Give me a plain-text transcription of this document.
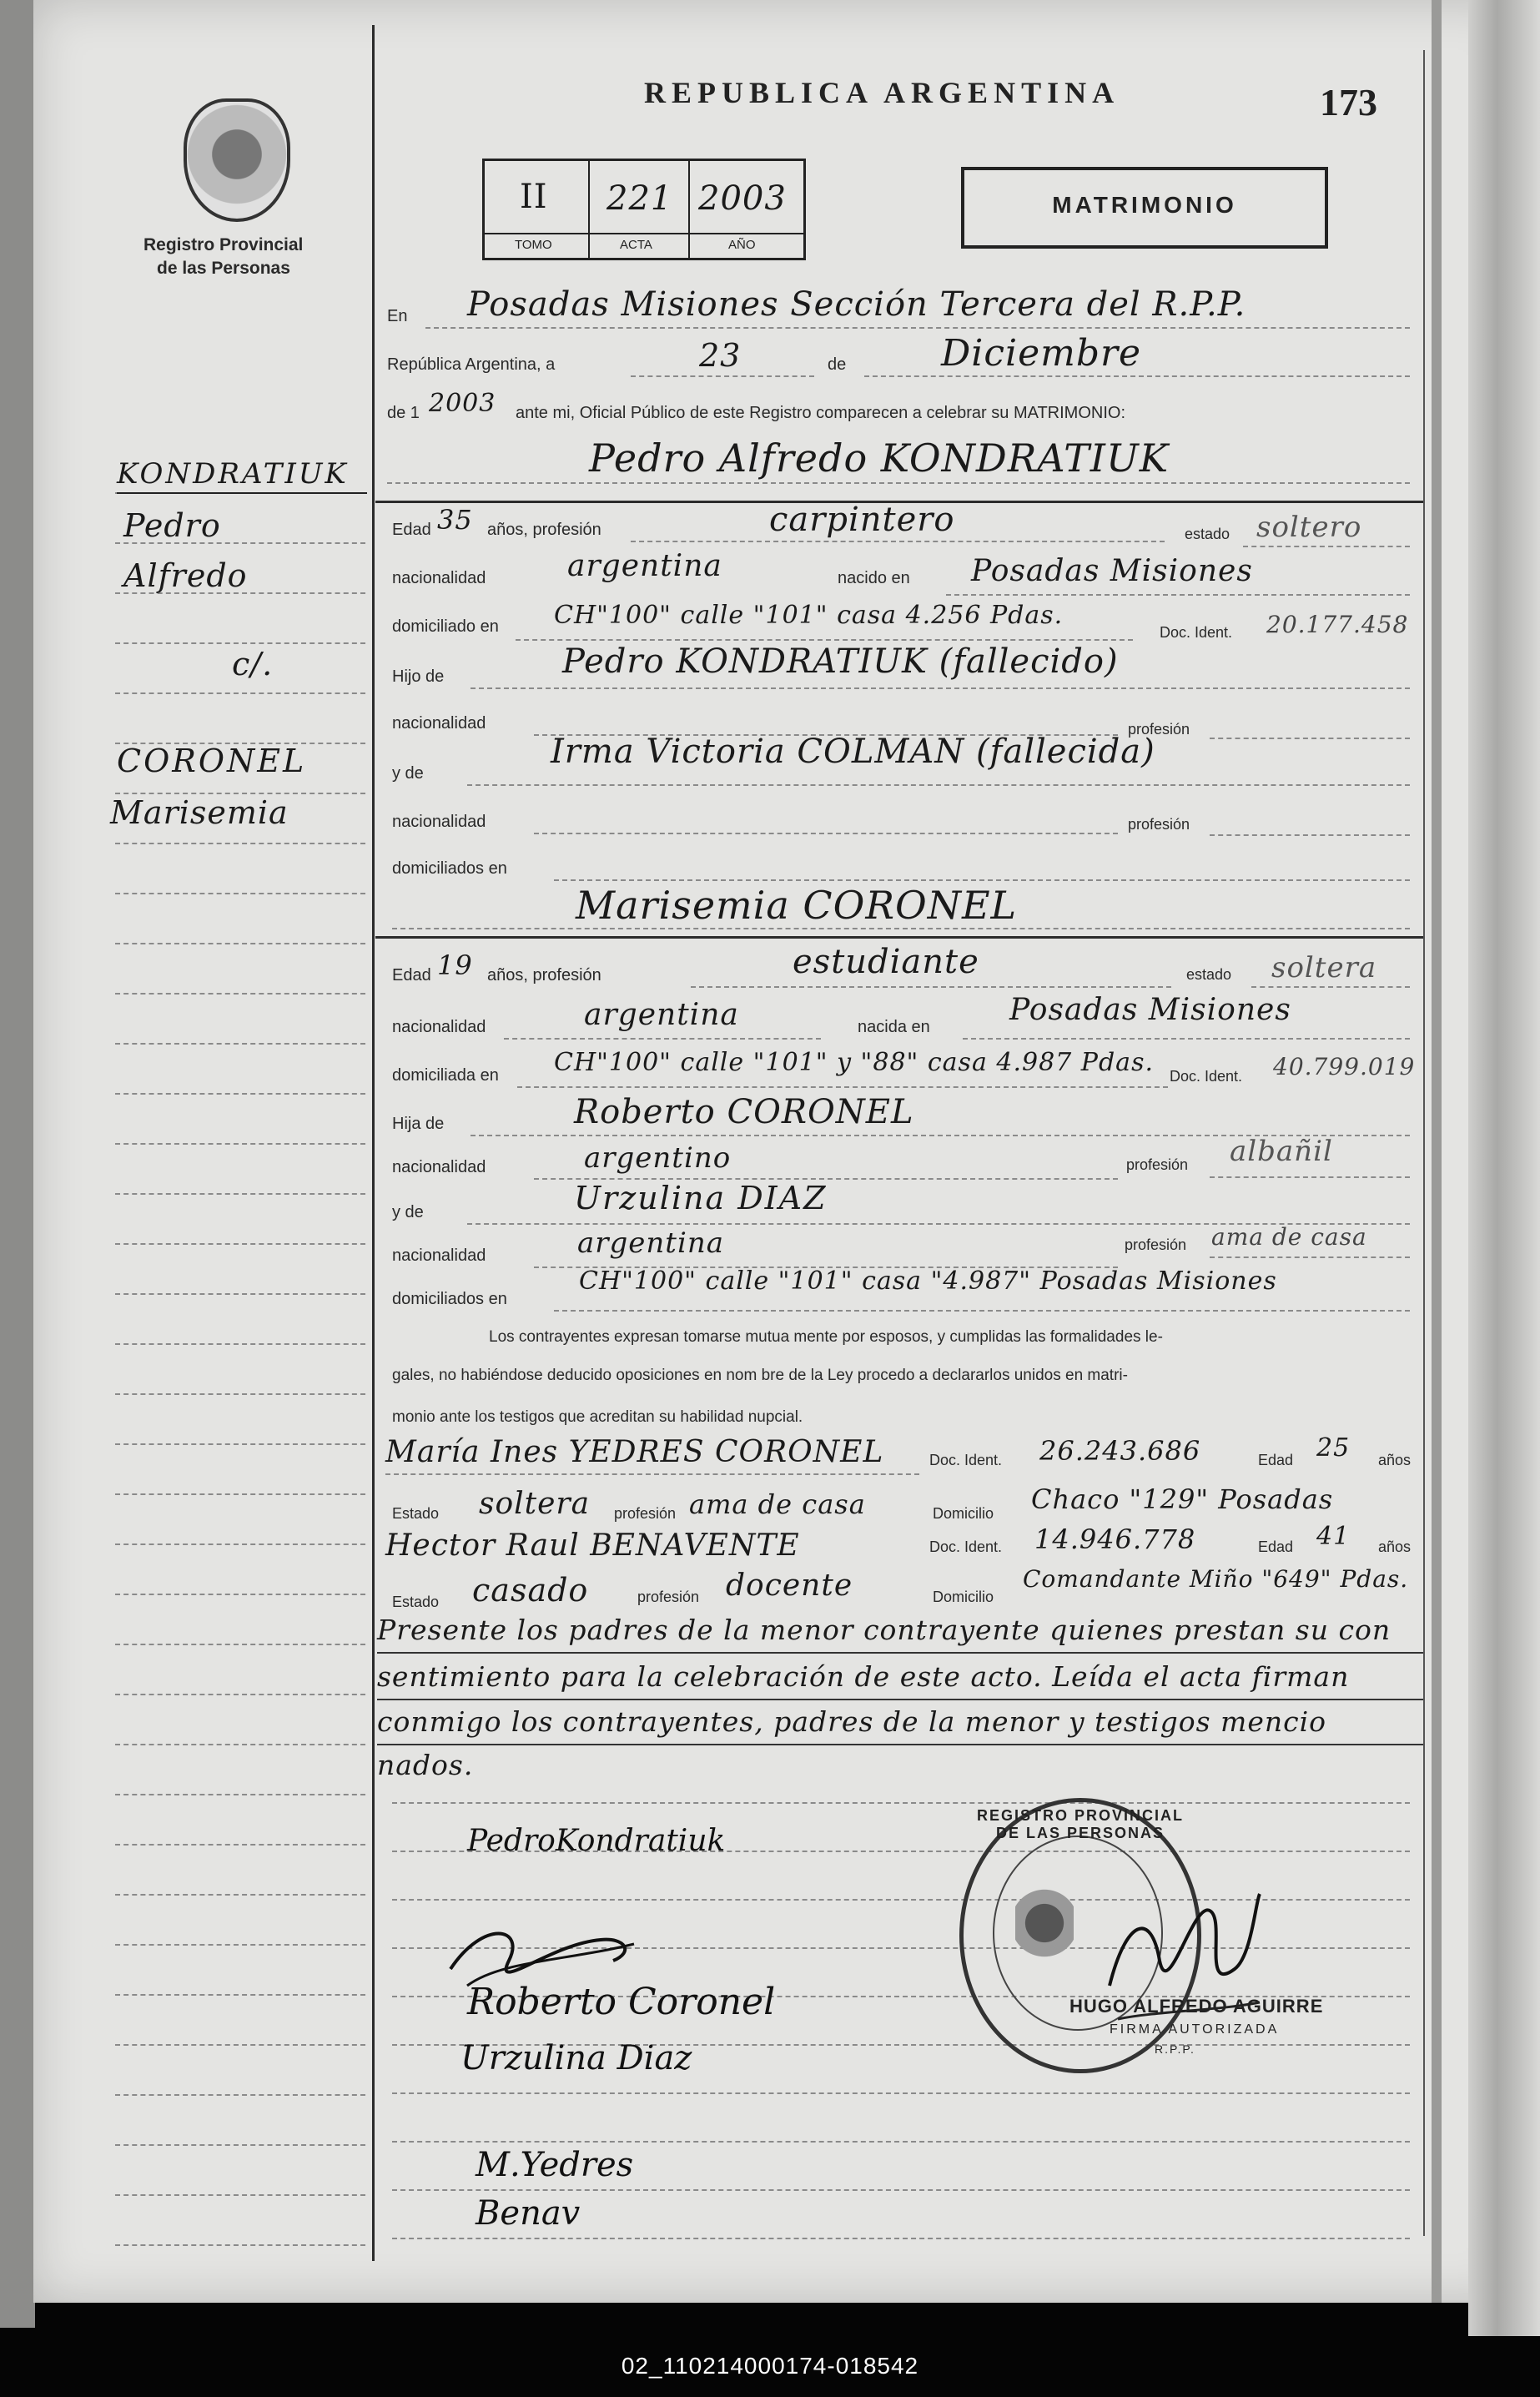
Registro Provincial
de las Personas
KONDRATIUK
Pedro
Alfredo
c/.
CORONEL
Marisemia
REPUBLICA ARGENTINA	173
II 221 2003
TOMO	ACTA	AÑO
MATRIMONIO
En Posadas Misiones Sección Tercera del R.P.P.
República Argentina, a	23	de	Diciembre
de 1 2003 ante mi, Oficial Público de este Registro comparecen a celebrar su MATRIMONIO:
Pedro Alfredo KONDRATIUK
Edad 35 años, profesión	carpintero	estado soltero
nacionalidad	argentina	nacido en Posadas Misiones
domiciliado en CH"100" calle "101" casa 4.256 Pdas.
Doc. Ident. 20.177.458
Hijo de	Pedro KONDRATIUK (fallecido)
nacionalidad	profesión
y de
Irma Victoria COLMAN (fallecida)
nacionalidad	profesión
domiciliados en
Marisemia CORONEL
Edad 19 años, profesión	estudiante	estado soltera
nacionalidad	argentina	nacida en	Posadas Misiones
domiciliada en CH"100" calle "101" y "88" casa 4.987 Pdas. Doc. Ident. 40.799.019
Hija de	Roberto CORONEL
nacionalidad	argentino	profesión albañil
y de	Urzulina DIAZ
nacionalidad	argentina	profesión ama de casa
domiciliados en
CH"100" calle "101" casa "4.987" Posadas Misiones
Los contrayentes expresan tomarse mutua mente por esposos, y cumplidas las formalidades le-
gales, no habiéndose deducido oposiciones en nom bre de la Ley procedo a declararlos unidos en matri-
monio ante los testigos que acreditan su habilidad nupcial.
María Ines YEDRES CORONEL	Doc. Ident. 26.243.686	Edad 25 años
Estado soltera profesión ama de casa	Domicilio Chaco "129" Posadas
Hector Raul BENAVENTE	Doc. Ident. 14.946.778	Edad 41 años
Estado casado	profesión docente	Domicilio
Comandante Miño "649" Pdas.
Presente los padres de la menor contrayente quienes prestan su con
sentimiento para la celebración de este acto. Leída el acta firman
conmigo los contrayentes, padres de la menor y testigos mencio
nados.
PedroKondratiuk
Roberto Coronel
Urzulina Diaz
M.Yedres
Benav
REGISTRO PROVINCIAL DE LAS PERSONAS
HUGO ALFREDO AGUIRRE
FIRMA AUTORIZADA
R.P.P.
02_110214000174-018542
